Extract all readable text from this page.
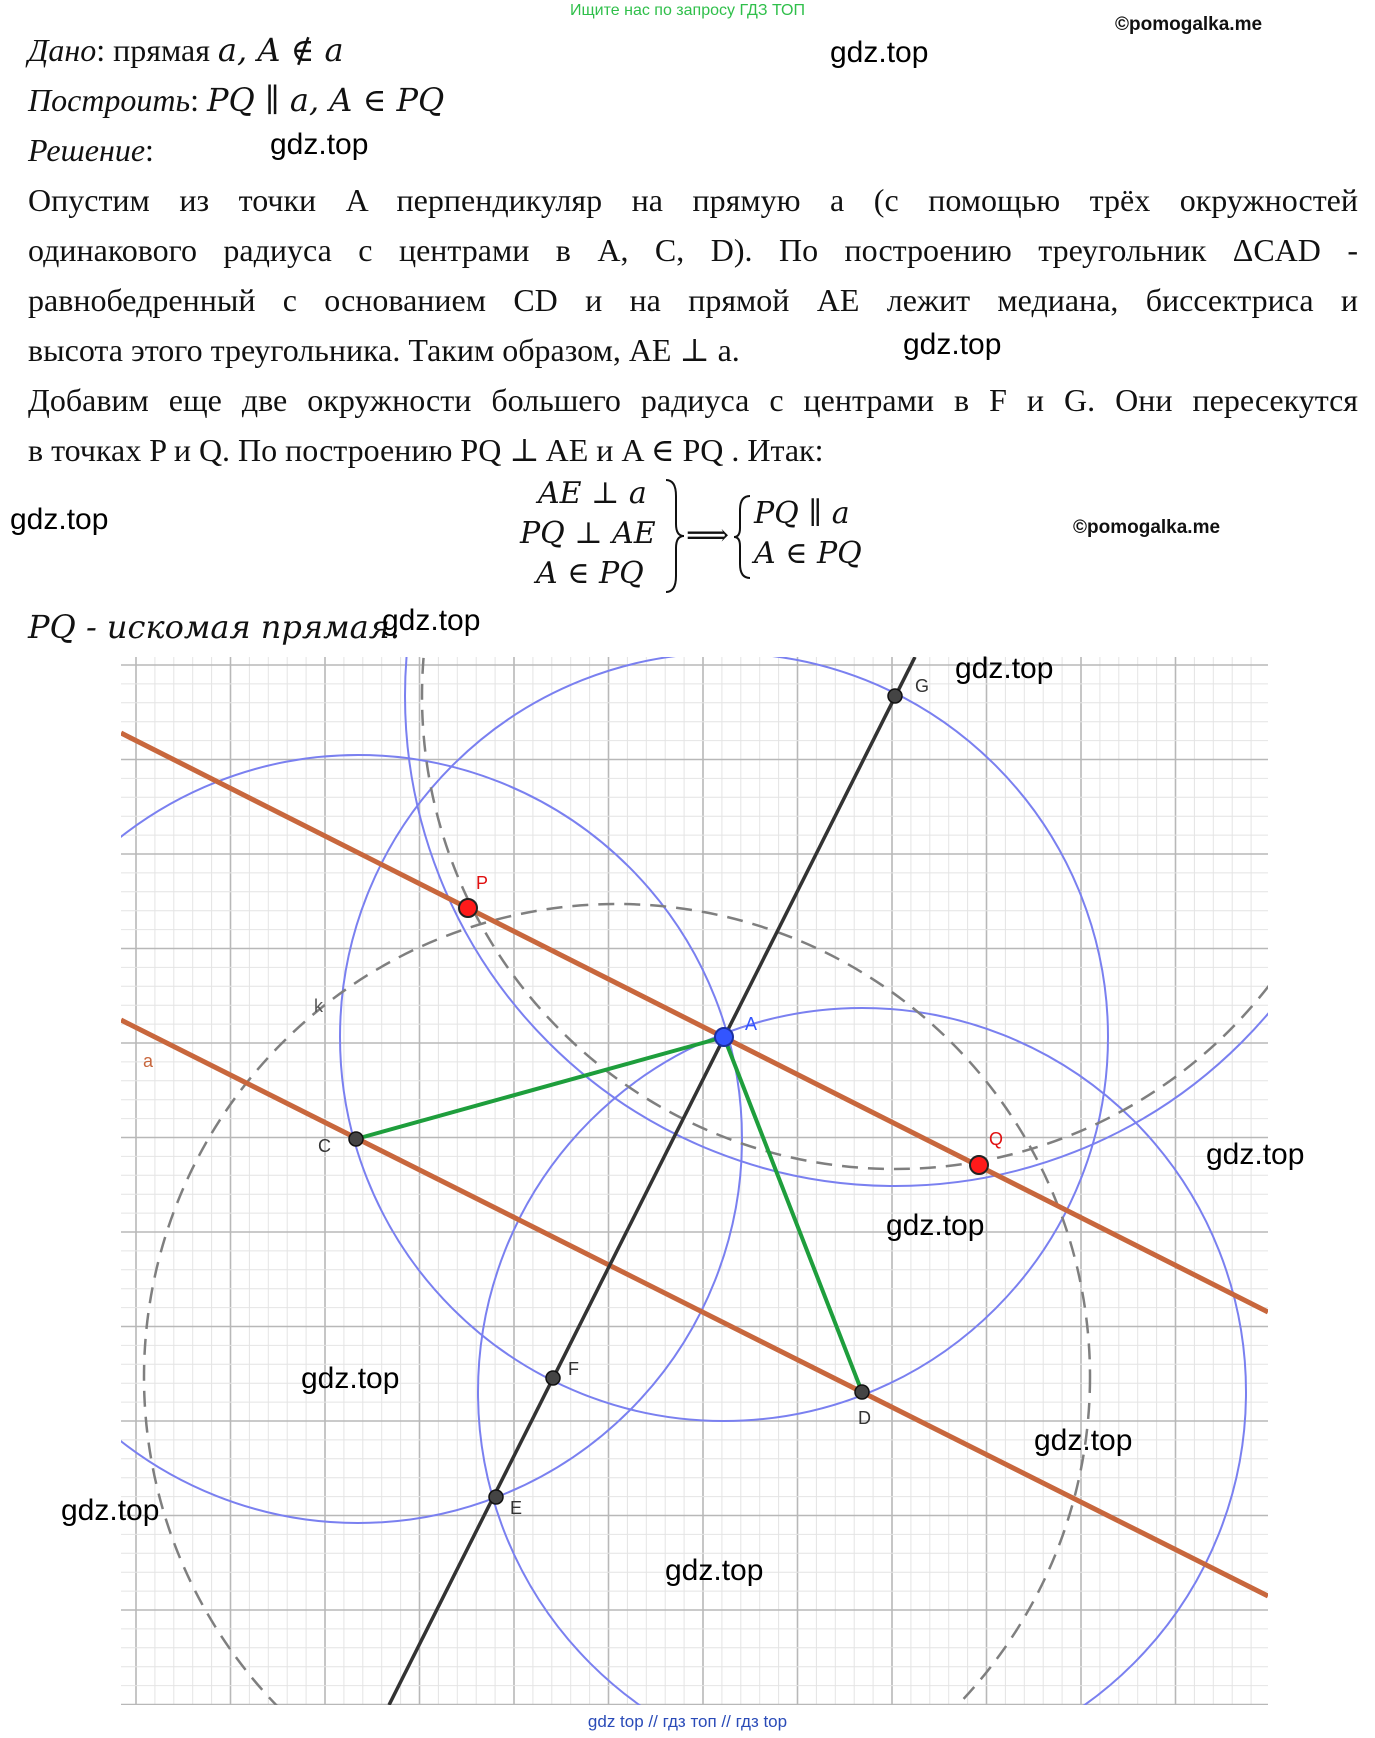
Ищите нас по запросу ГДЗ ТОП
©pomogalka.me
Дано: прямая a, A ∉ a
Построить: PQ ∥ a, A ∈ PQ
Решение:
Опустим из точки A перпендикуляр на прямую a (с помощью трёх окружностей
одинакового радиуса с центрами в A, C, D). По построению треугольник ΔCAD -
равнобедренный с основанием CD и на прямой AE лежит медиана, биссектриса и
высота этого треугольника. Таким образом, AE ⊥ a.
Добавим еще две окружности большего радиуса с центрами в F и G. Они пересекутся
в точках P и Q. По построению PQ ⊥ AE и A ∈ PQ . Итак:
AE ⊥ a
PQ ⊥ AE
A ∈ PQ
⟹
PQ ∥ a
A ∈ PQ
©pomogalka.me
PQ - искомая прямая.
G
P
A
Q
C
D
F
E
k
a
gdz.top
gdz.top
gdz.top
gdz.top
gdz.top
gdz.top
gdz.top
gdz.top
gdz.top
gdz.top
gdz.top
gdz.top
gdz top // гдз топ // гдз top
